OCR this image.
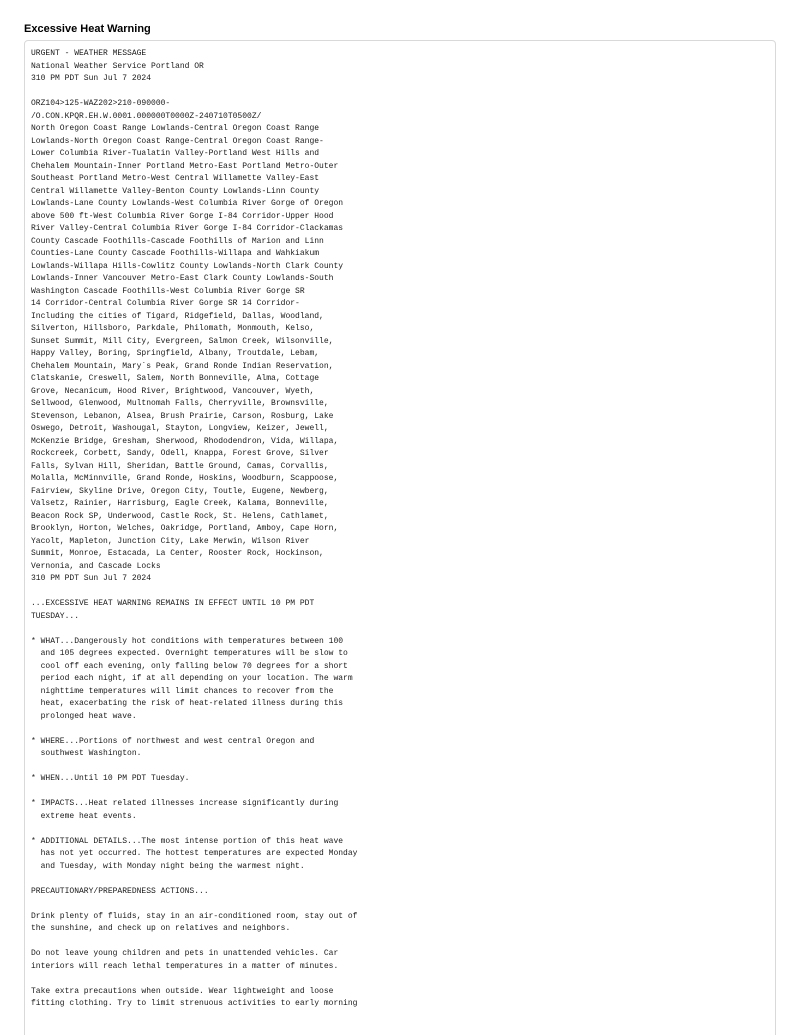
Excessive Heat Warning
URGENT - WEATHER MESSAGE
National Weather Service Portland OR
310 PM PDT Sun Jul 7 2024

ORZ104>125-WAZ202>210-090000-
/O.CON.KPQR.EH.W.0001.000000T0000Z-240710T0500Z/
North Oregon Coast Range Lowlands-Central Oregon Coast Range
Lowlands-North Oregon Coast Range-Central Oregon Coast Range-
Lower Columbia River-Tualatin Valley-Portland West Hills and
Chehalem Mountain-Inner Portland Metro-East Portland Metro-Outer
Southeast Portland Metro-West Central Willamette Valley-East
Central Willamette Valley-Benton County Lowlands-Linn County
Lowlands-Lane County Lowlands-West Columbia River Gorge of Oregon
above 500 ft-West Columbia River Gorge I-84 Corridor-Upper Hood
River Valley-Central Columbia River Gorge I-84 Corridor-Clackamas
County Cascade Foothills-Cascade Foothills of Marion and Linn
Counties-Lane County Cascade Foothills-Willapa and Wahkiakum
Lowlands-Willapa Hills-Cowlitz County Lowlands-North Clark County
Lowlands-Inner Vancouver Metro-East Clark County Lowlands-South
Washington Cascade Foothills-West Columbia River Gorge SR
14 Corridor-Central Columbia River Gorge SR 14 Corridor-
Including the cities of Tigard, Ridgefield, Dallas, Woodland,
Silverton, Hillsboro, Parkdale, Philomath, Monmouth, Kelso,
Sunset Summit, Mill City, Evergreen, Salmon Creek, Wilsonville,
Happy Valley, Boring, Springfield, Albany, Troutdale, Lebam,
Chehalem Mountain, Mary`s Peak, Grand Ronde Indian Reservation,
Clatskanie, Creswell, Salem, North Bonneville, Alma, Cottage
Grove, Necanicum, Hood River, Brightwood, Vancouver, Wyeth,
Sellwood, Glenwood, Multnomah Falls, Cherryville, Brownsville,
Stevenson, Lebanon, Alsea, Brush Prairie, Carson, Rosburg, Lake
Oswego, Detroit, Washougal, Stayton, Longview, Keizer, Jewell,
McKenzie Bridge, Gresham, Sherwood, Rhododendron, Vida, Willapa,
Rockcreek, Corbett, Sandy, Odell, Knappa, Forest Grove, Silver
Falls, Sylvan Hill, Sheridan, Battle Ground, Camas, Corvallis,
Molalla, McMinnville, Grand Ronde, Hoskins, Woodburn, Scappoose,
Fairview, Skyline Drive, Oregon City, Toutle, Eugene, Newberg,
Valsetz, Rainier, Harrisburg, Eagle Creek, Kalama, Bonneville,
Beacon Rock SP, Underwood, Castle Rock, St. Helens, Cathlamet,
Brooklyn, Horton, Welches, Oakridge, Portland, Amboy, Cape Horn,
Yacolt, Mapleton, Junction City, Lake Merwin, Wilson River
Summit, Monroe, Estacada, La Center, Rooster Rock, Hockinson,
Vernonia, and Cascade Locks
310 PM PDT Sun Jul 7 2024

...EXCESSIVE HEAT WARNING REMAINS IN EFFECT UNTIL 10 PM PDT
TUESDAY...

* WHAT...Dangerously hot conditions with temperatures between 100
and 105 degrees expected. Overnight temperatures will be slow to
cool off each evening, only falling below 70 degrees for a short
period each night, if at all depending on your location. The warm
nighttime temperatures will limit chances to recover from the
heat, exacerbating the risk of heat-related illness during this
prolonged heat wave.

* WHERE...Portions of northwest and west central Oregon and
southwest Washington.

* WHEN...Until 10 PM PDT Tuesday.

* IMPACTS...Heat related illnesses increase significantly during
extreme heat events.

* ADDITIONAL DETAILS...The most intense portion of this heat wave
has not yet occurred. The hottest temperatures are expected Monday
and Tuesday, with Monday night being the warmest night.

PRECAUTIONARY/PREPAREDNESS ACTIONS...

Drink plenty of fluids, stay in an air-conditioned room, stay out of
the sunshine, and check up on relatives and neighbors.

Do not leave young children and pets in unattended vehicles. Car
interiors will reach lethal temperatures in a matter of minutes.

Take extra precautions when outside. Wear lightweight and loose
fitting clothing. Try to limit strenuous activities to early morning
